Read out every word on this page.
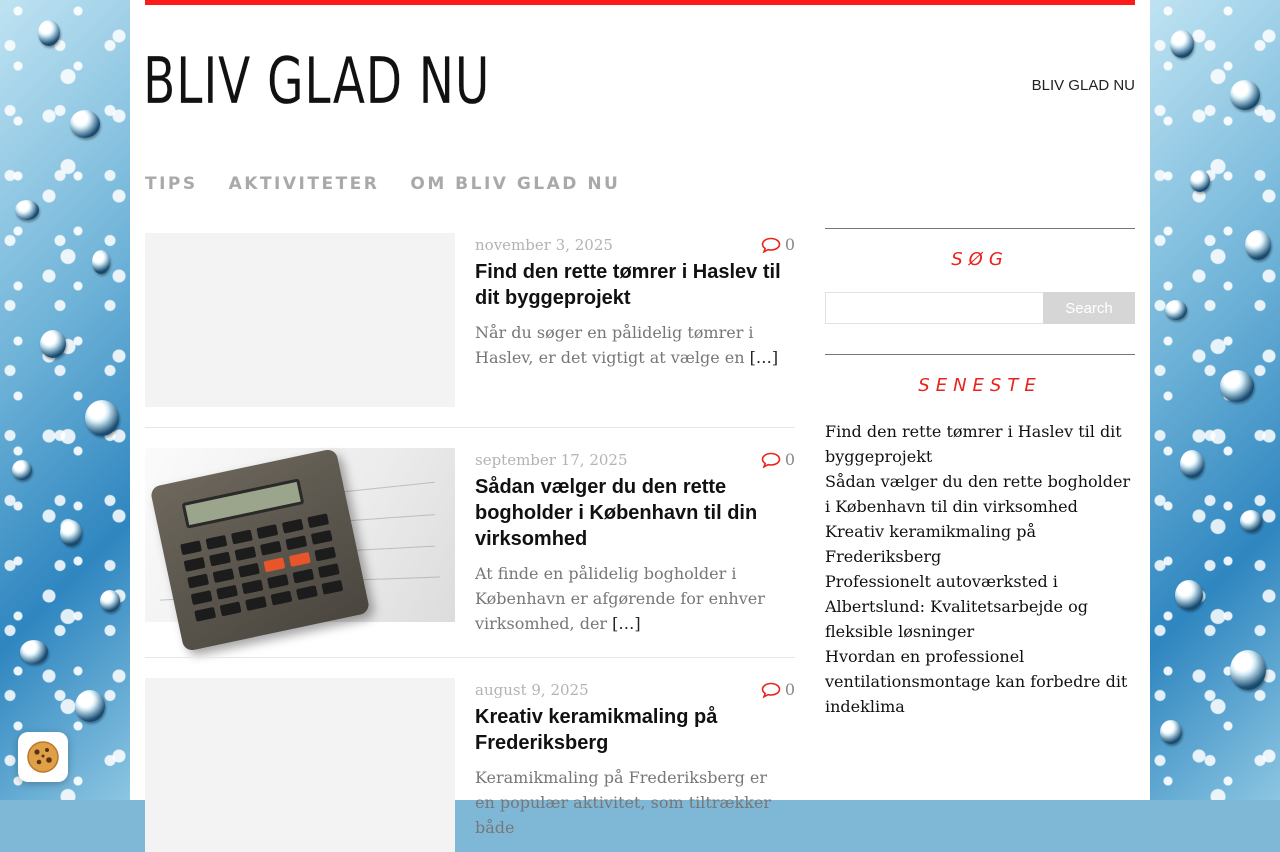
BLIV GLAD NU	BLIV GLAD NU
TIPS AKTIVITETER OM BLIV GLAD NU
november 3, 2025	0
Find den rette tømrer i Haslev til dit byggeprojekt

Når du søger en pålidelig tømrer i Haslev, er det vigtigt at vælge en […]

september 17, 2025	0
Sådan vælger du den rette bogholder i København til din virksomhed

At finde en pålidelig bogholder i København er afgørende for enhver virksomhed, der […]

august 9, 2025	0
Kreativ keramikmaling på Frederiksberg

Keramikmaling på Frederiksberg er en populær aktivitet, som tiltrækker både

SØG
Search
SENESTE
Find den rette tømrer i Haslev til dit byggeprojekt
Sådan vælger du den rette bogholder i København til din virksomhed
Kreativ keramikmaling på Frederiksberg
Professionelt autoværksted i Albertslund: Kvalitetsarbejde og fleksible løsninger
Hvordan en professionel ventilationsmontage kan forbedre dit indeklima
